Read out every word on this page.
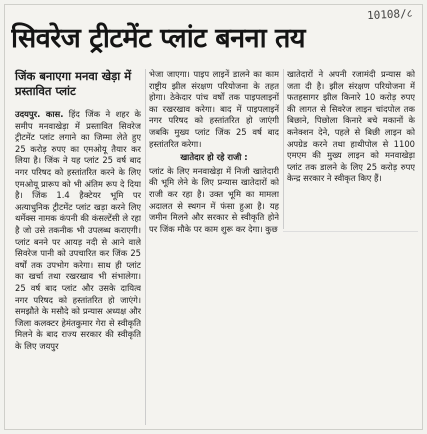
10108/८
सिवरेज ट्रीटमेंट प्लांट बनना तय
जिंक बनाएगा मनवा खेड़ा में प्रस्तावित प्लांट
उदयपुर. कास. हिंद जिंक ने शहर के समीप मनवाखेड़ा में प्रस्तावित सिवरेज ट्रीटमेंट प्लांट लगाने का जिम्मा लेते हुए 25 करोड़ रुपए का एमओयू तैयार कर लिया है। जिंक ने यह प्लांट 25 वर्ष बाद नगर परिषद को हस्तांतरित करने के लिए एमओयू प्रारूप को भी अंतिम रूप दे दिया है। जिंक 1.4 हैक्टेयर भूमि पर अत्याधुनिक ट्रीटमेंट प्लांट खड़ा करने लिए थर्मेक्स नामक कंपनी की कंसल्टेंसी ले रहा है जो उसे तकनीक भी उपलब्ध कराएगी। प्लांट बनने पर आयड़ नदी से आने वाले सिवरेज पानी को उपचारित कर जिंक 25 वर्षों तक उपभोग करेगा। साथ ही प्लांट का खर्चा तथा रखरखाव भी संभालेगा। 25 वर्ष बाद प्लांट और उसके दायित्व नगर परिषद को हस्तांतरित हो जाएंगे। समझौते के मसौदे को प्रन्यास अध्यक्ष और जिला कलक्टर हेमंतकुमार गेरा से स्वीकृति मिलने के बाद राज्य सरकार की स्वीकृति के लिए जयपुर
भेजा जाएगा। पाइप लाइनें डालने का काम राष्ट्रीय झील संरक्षण परियोजना के तहत होगा। ठेकेदार पांच वर्षों तक पाइपलाइनों का रखरखाव करेगा। बाद में पाइपलाइनें नगर परिषद को हस्तांतरित हो जाएंगी जबकि मुख्य प्लांट जिंक 25 वर्ष बाद हस्तांतरित करेगा।
खातेदार हो रहे राजी :
प्लांट के लिए मनवाखेड़ा में निजी खातेदारी की भूमि लेने के लिए प्रन्यास खातेदारों को राजी कर रहा है। उक्त भूमि का मामला अदालत से स्थगन में फंसा हुआ है। यह जमीन मिलने और सरकार से स्वीकृति होने पर जिंक मौके पर काम शुरू कर देगा। कुछ
खातेदारों ने अपनी रजामंदी प्रन्यास को जता दी है। झील संरक्षण परियोजना में फतहसागर झील किनारे 10 करोड़ रुपए की लागत से सिवरेज लाइन चांदपोल तक बिछाने, पिछोला किनारे बचे मकानों के कनेक्शन देने, पहले से बिछी लाइन को अपग्रेड करने तथा हाथीपोल से 1100 एमएम की मुख्य लाइन को मनवाखेड़ा प्लांट तक डालने के लिए 25 करोड़ रुपए केन्द्र सरकार ने स्वीकृत किए हैं।
